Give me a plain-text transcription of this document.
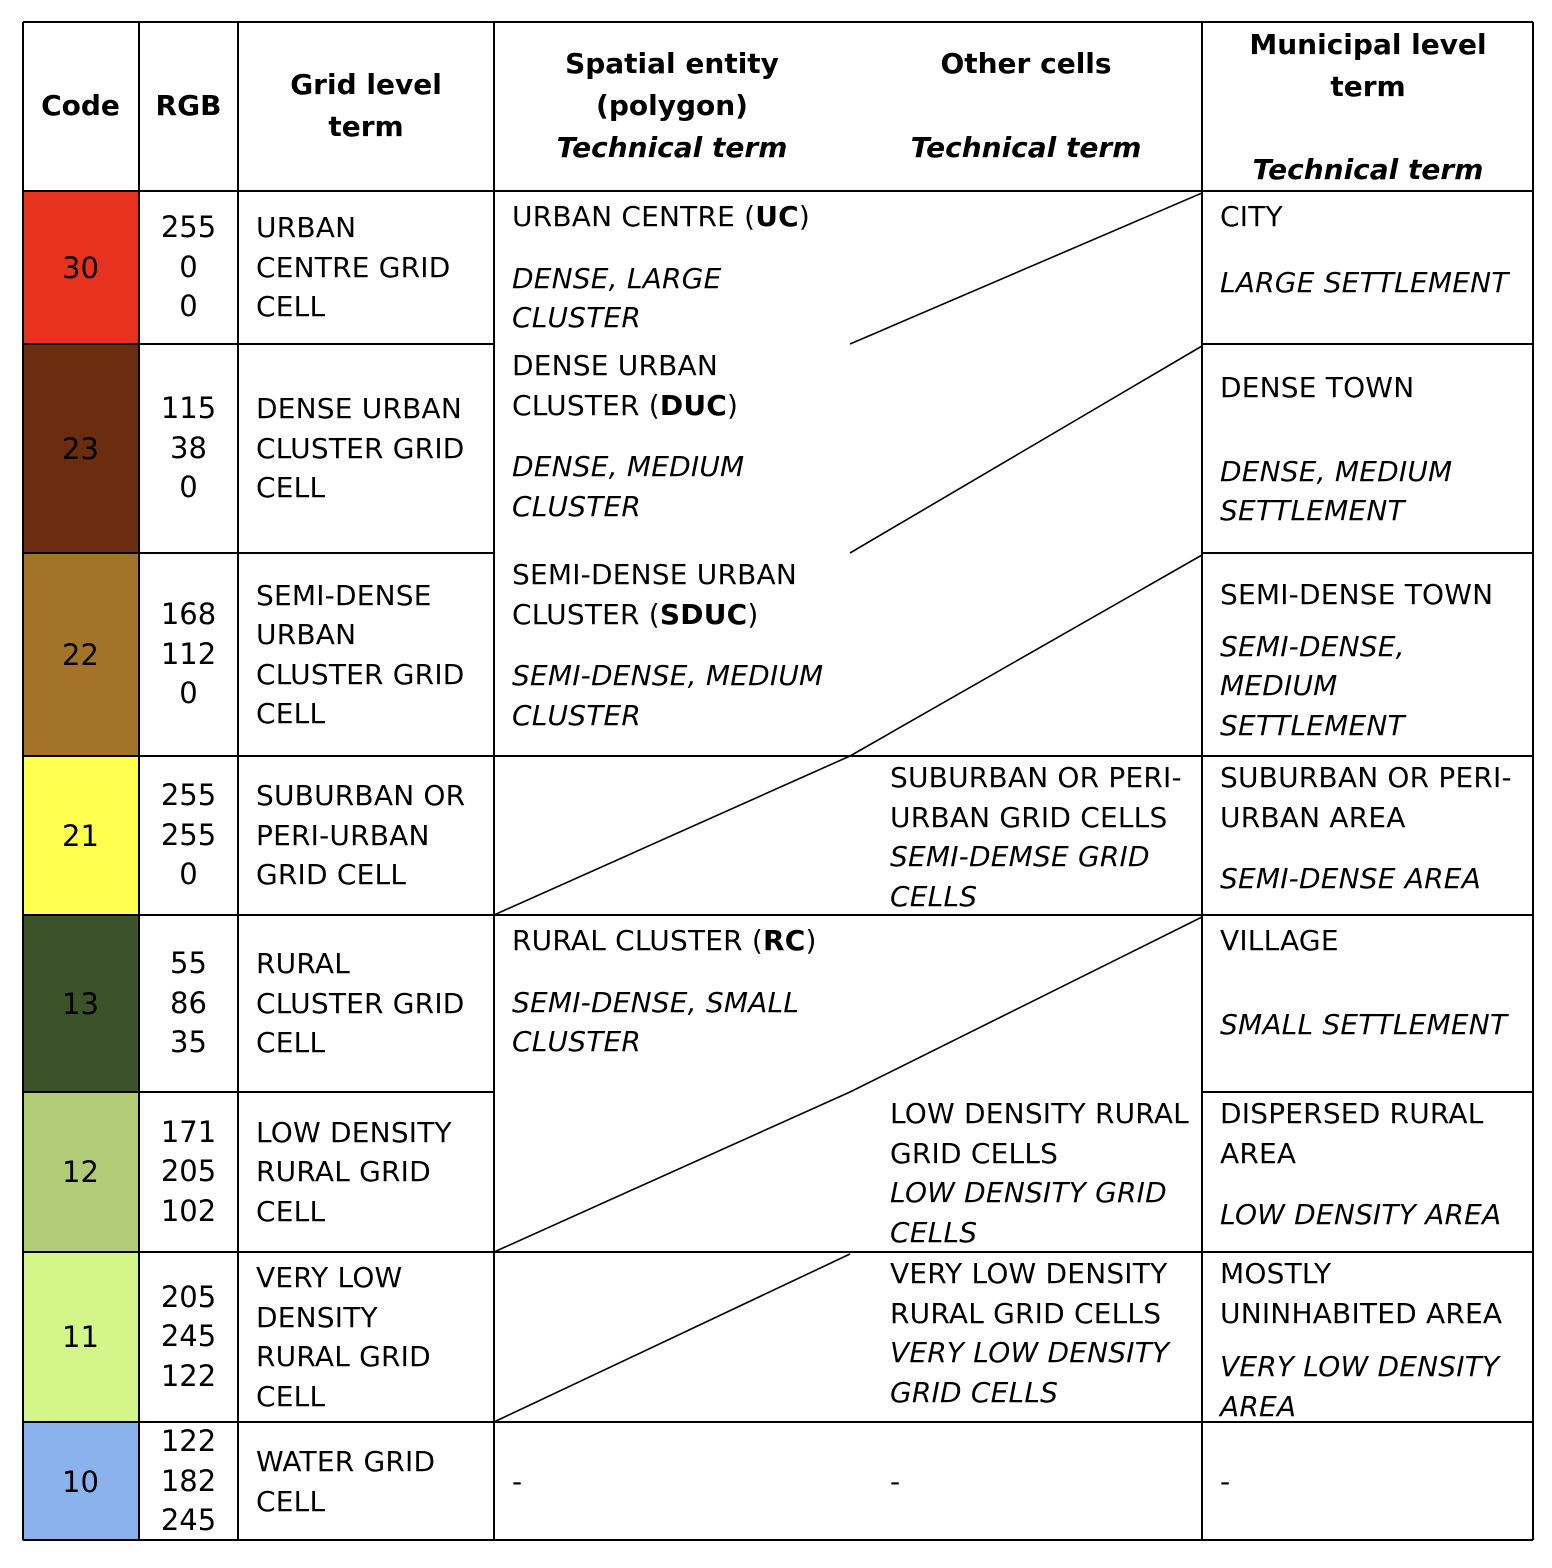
Code RGB
Grid level
term
Spatial entity
(polygon)
Technical term
Other cells
Technical term
Municipal level
term
Technical term
30
255
0
0
URBAN CENTRE GRID CELL
URBAN CENTRE (UC)
DENSE, LARGE CLUSTER
CITY
LARGE SETTLEMENT
23
115
38
0
DENSE URBAN CLUSTER GRID CELL
DENSE URBAN CLUSTER (DUC)
DENSE, MEDIUM CLUSTER
DENSE TOWN
DENSE, MEDIUM SETTLEMENT
22
168
112
0
SEMI-DENSE URBAN CLUSTER GRID CELL
SEMI-DENSE URBAN CLUSTER (SDUC)
SEMI-DENSE, MEDIUM CLUSTER
SEMI-DENSE TOWN
SEMI-DENSE, MEDIUM SETTLEMENT
21
255
255
0
SUBURBAN OR PERI-URBAN GRID CELL
SUBURBAN OR PERI-URBAN GRID CELLS
SEMI-DEMSE GRID CELLS
SUBURBAN OR PERI-URBAN AREA
SEMI-DENSE AREA
13
55
86
35
RURAL CLUSTER GRID CELL
RURAL CLUSTER (RC)
SEMI-DENSE, SMALL CLUSTER
VILLAGE
SMALL SETTLEMENT
12
171
205
102
LOW DENSITY RURAL GRID CELL
LOW DENSITY RURAL GRID CELLS
LOW DENSITY GRID CELLS
DISPERSED RURAL AREA
LOW DENSITY AREA
11
205
245
122
VERY LOW DENSITY RURAL GRID CELL
VERY LOW DENSITY RURAL GRID CELLS
VERY LOW DENSITY GRID CELLS
MOSTLY UNINHABITED AREA
VERY LOW DENSITY AREA
10
122
182
245
WATER GRID CELL
-	-	-
